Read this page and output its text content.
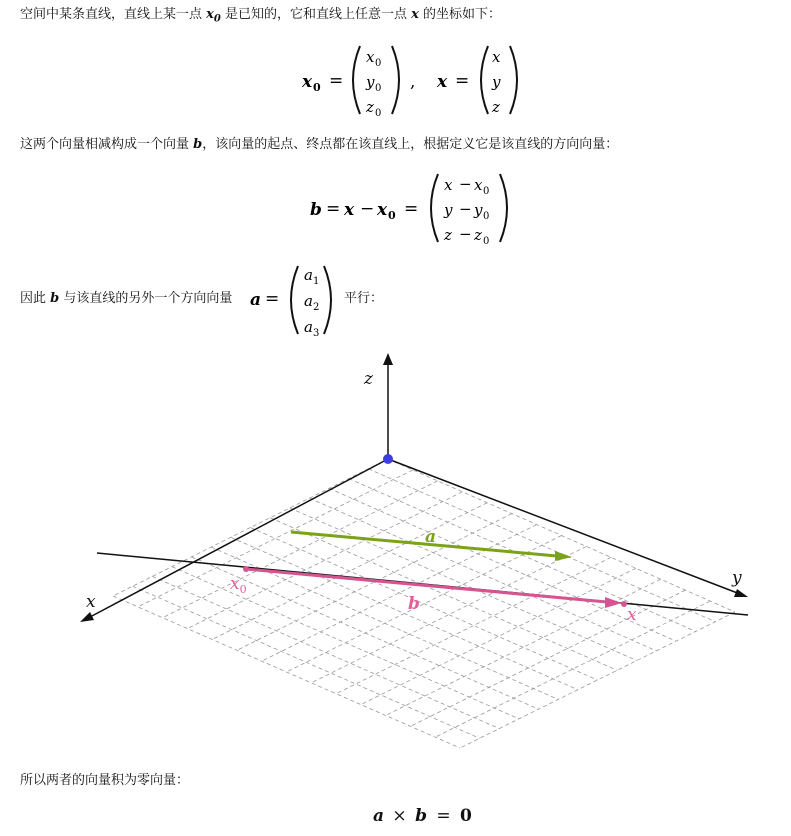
空间中某条直线，直线上某一点 $x_0$ 是已知的，它和直线上任意一点 x 的坐标如下：
x 0 =
x 0
y 0
z 0
, x =
x
y
z
这两个向量相减构成一个向量 b，该向量的起点、终点都在该直线上，根据定义它是该直线的方向向量：
b = x − x 0 =
x − x 0
y − y 0
z − z 0
因此 b 与该直线的另外一个方向向量 a =
a 1
a 2
a 3
平行：
z
x
y
a
b
$x_0$
x
所以两者的向量积为零向量：
a × b = 0
